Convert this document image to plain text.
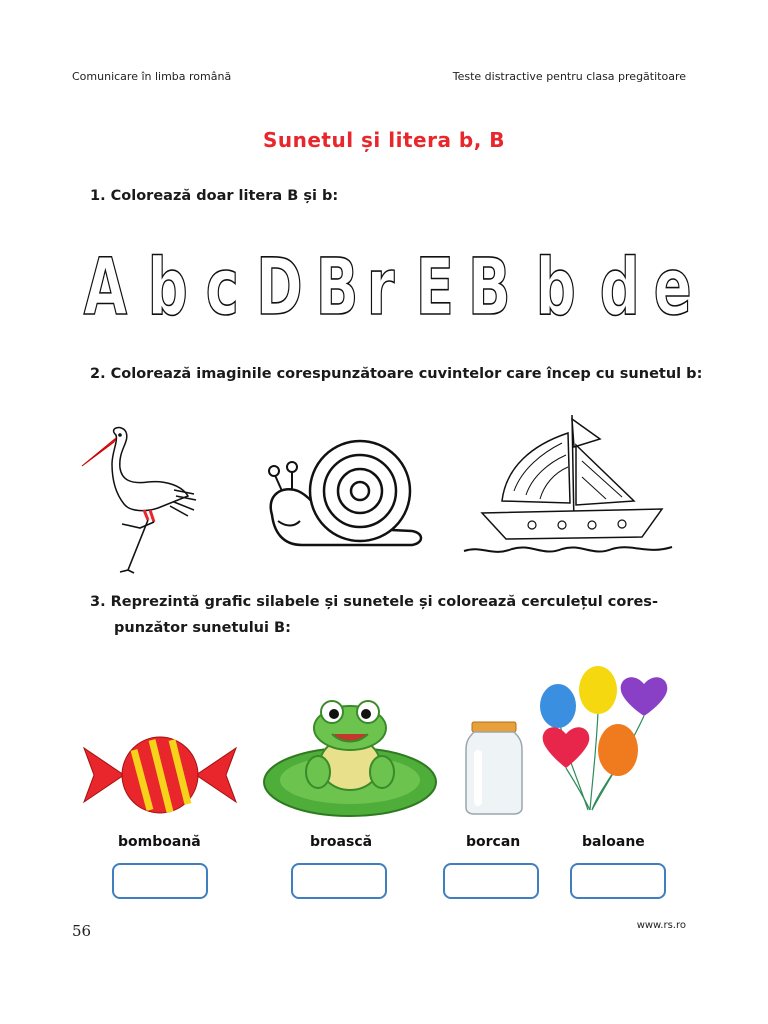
Comunicare în limba română	Teste distractive pentru clasa pregătitoare
Sunetul și litera b, B
1. Colorează doar litera B și b:
A b c D B r E B b d e
2. Colorează imaginile corespunzătoare cuvintelor care încep cu sunetul b:
3. Reprezintă grafic silabele și sunetele și colorează cerculețul cores-
punzător sunetului B:
bomboană	broască	borcan	baloane
56	www.rs.ro
